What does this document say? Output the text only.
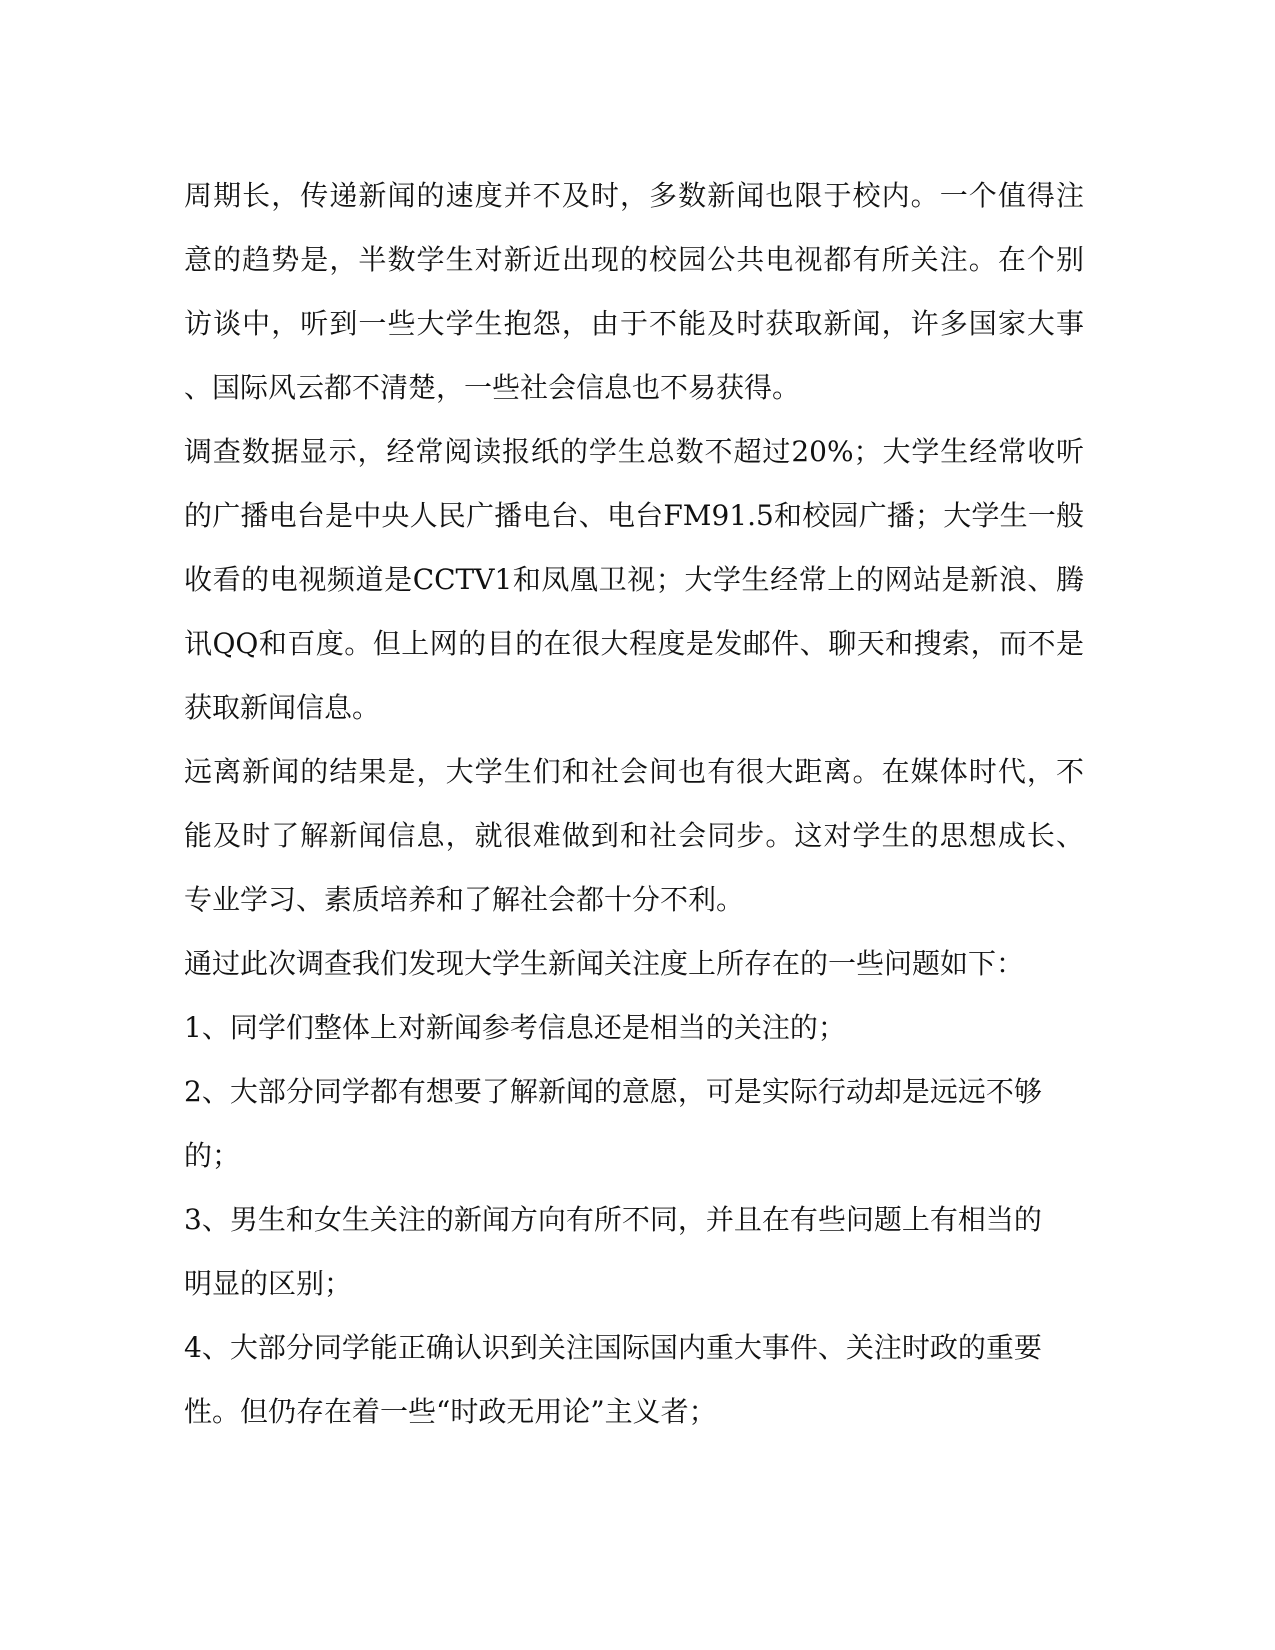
周期长，传递新闻的速度并不及时，多数新闻也限于校内。一个值得注
意的趋势是，半数学生对新近出现的校园公共电视都有所关注。在个别
访谈中，听到一些大学生抱怨，由于不能及时获取新闻，许多国家大事
、国际风云都不清楚，一些社会信息也不易获得。
调查数据显示，经常阅读报纸的学生总数不超过20%；大学生经常收听
的广播电台是中央人民广播电台、电台FM91.5和校园广播；大学生一般
收看的电视频道是CCTV1和凤凰卫视；大学生经常上的网站是新浪、腾
讯QQ和百度。但上网的目的在很大程度是发邮件、聊天和搜索，而不是
获取新闻信息。
远离新闻的结果是，大学生们和社会间也有很大距离。在媒体时代，不
能及时了解新闻信息，就很难做到和社会同步。这对学生的思想成长、
专业学习、素质培养和了解社会都十分不利。
通过此次调查我们发现大学生新闻关注度上所存在的一些问题如下：
1、同学们整体上对新闻参考信息还是相当的关注的；
2、大部分同学都有想要了解新闻的意愿，可是实际行动却是远远不够
的；
3、男生和女生关注的新闻方向有所不同，并且在有些问题上有相当的
明显的区别；
4、大部分同学能正确认识到关注国际国内重大事件、关注时政的重要
性。但仍存在着一些“时政无用论”主义者；
